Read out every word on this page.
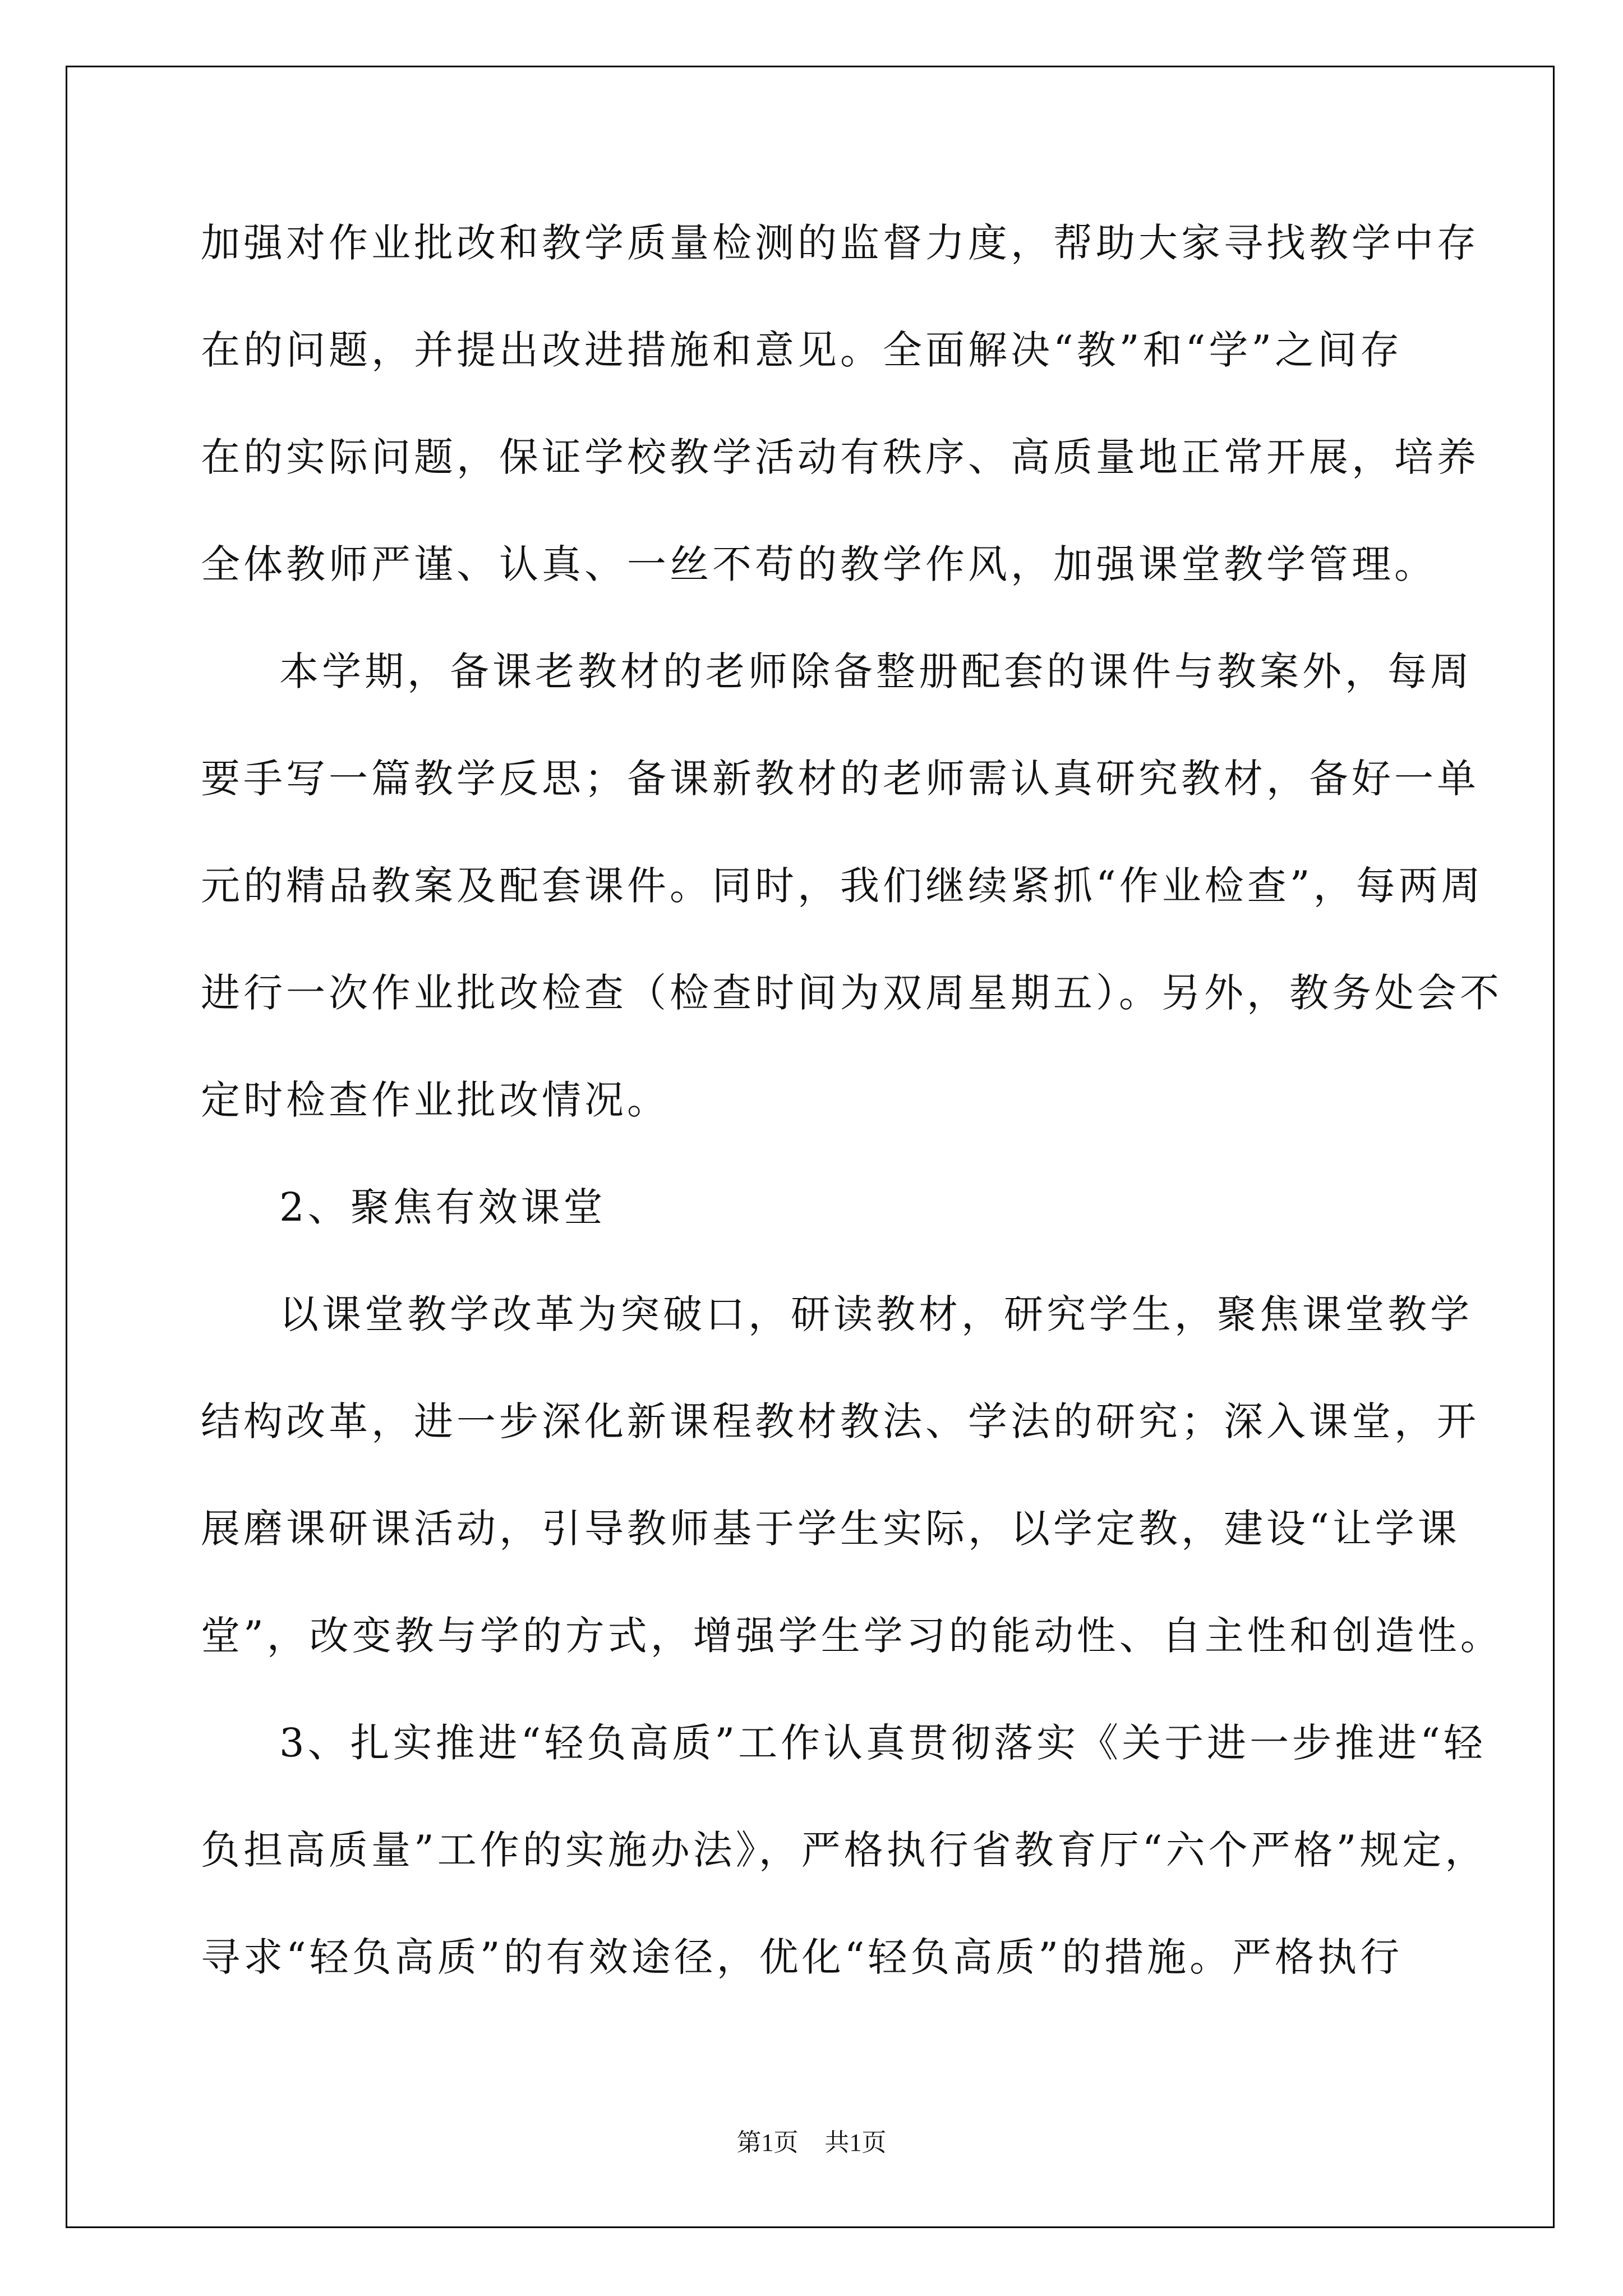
加强对作业批改和教学质量检测的监督力度，帮助大家寻找教学中存
在的问题，并提出改进措施和意见。全面解决“教”和“学”之间存
在的实际问题，保证学校教学活动有秩序、高质量地正常开展，培养
全体教师严谨、认真、一丝不苟的教学作风，加强课堂教学管理。
本学期，备课老教材的老师除备整册配套的课件与教案外，每周
要手写一篇教学反思；备课新教材的老师需认真研究教材，备好一单
元的精品教案及配套课件。同时，我们继续紧抓“作业检查”，每两周
进行一次作业批改检查（检查时间为双周星期五）。另外，教务处会不
定时检查作业批改情况。
2、聚焦有效课堂
以课堂教学改革为突破口，研读教材，研究学生，聚焦课堂教学
结构改革，进一步深化新课程教材教法、学法的研究；深入课堂，开
展磨课研课活动，引导教师基于学生实际，以学定教，建设“让学课
堂”，改变教与学的方式，增强学生学习的能动性、自主性和创造性。
3、扎实推进“轻负高质”工作认真贯彻落实《关于进一步推进“轻
负担高质量”工作的实施办法》，严格执行省教育厅“六个严格”规定，
寻求“轻负高质”的有效途径，优化“轻负高质”的措施。严格执行
第1页 共1页
